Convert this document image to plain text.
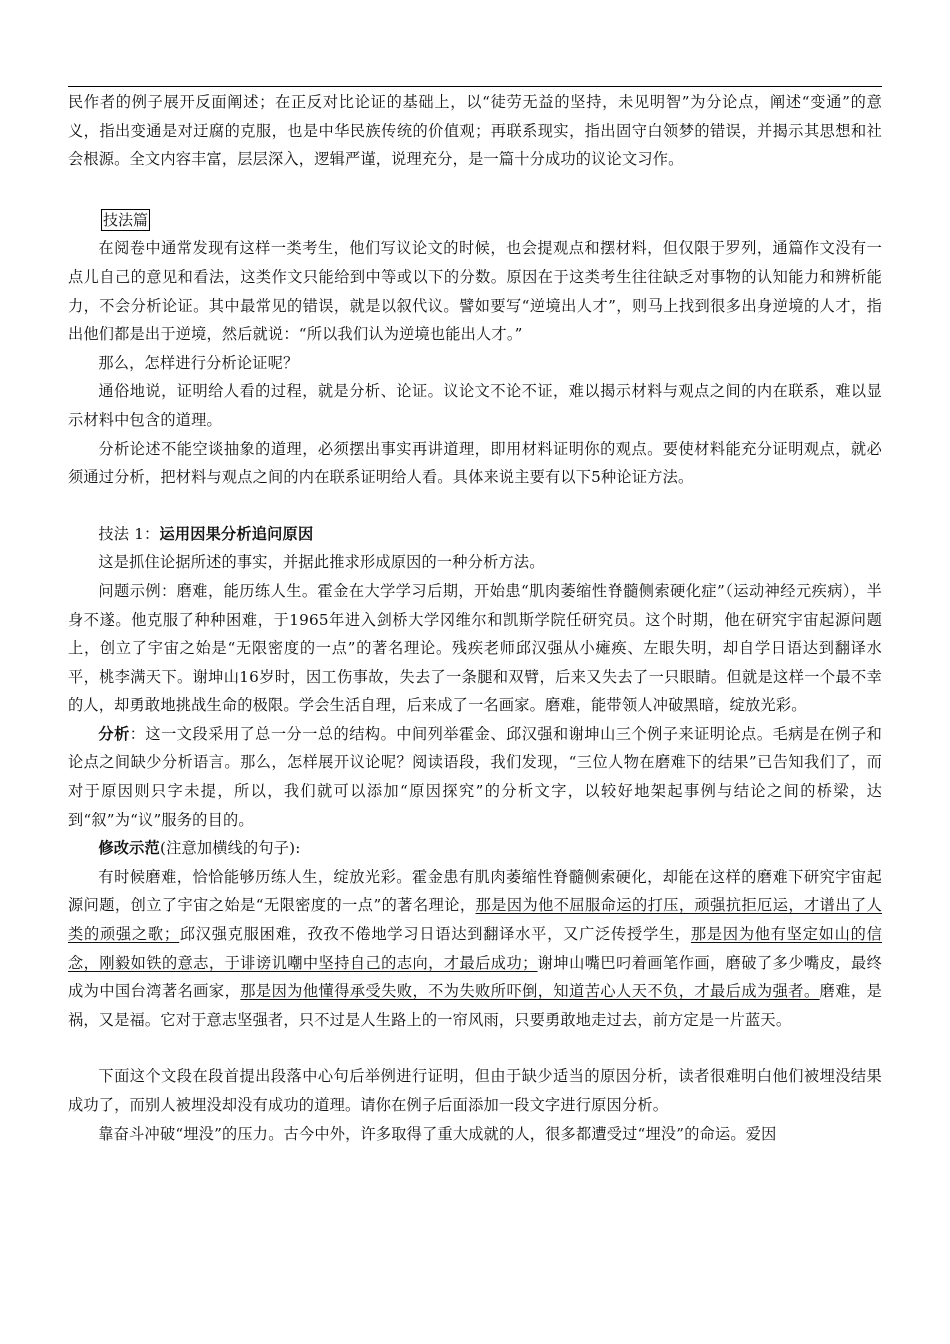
民作者的例子展开反面阐述；在正反对比论证的基础上，以“徒劳无益的坚持，未见明智”为分论点，阐述“变通”的意义，指出变通是对迂腐的克服，也是中华民族传统的价值观；再联系现实，指出固守白领梦的错误，并揭示其思想和社会根源。全文内容丰富，层层深入，逻辑严谨，说理充分，是一篇十分成功的议论文习作。

技法篇

在阅卷中通常发现有这样一类考生，他们写议论文的时候，也会提观点和摆材料，但仅限于罗列，通篇作文没有一点儿自己的意见和看法，这类作文只能给到中等或以下的分数。原因在于这类考生往往缺乏对事物的认知能力和辨析能力，不会分析论证。其中最常见的错误，就是以叙代议。譬如要写“逆境出人才”，则马上找到很多出身逆境的人才，指出他们都是出于逆境，然后就说：“所以我们认为逆境也能出人才。”

那么，怎样进行分析论证呢？

通俗地说，证明给人看的过程，就是分析、论证。议论文不论不证，难以揭示材料与观点之间的内在联系，难以显示材料中包含的道理。

分析论述不能空谈抽象的道理，必须摆出事实再讲道理，即用材料证明你的观点。要使材料能充分证明观点，就必须通过分析，把材料与观点之间的内在联系证明给人看。具体来说主要有以下5种论证方法。

技法 1：运用因果分析追问原因

这是抓住论据所述的事实，并据此推求形成原因的一种分析方法。

问题示例：磨难，能历练人生。霍金在大学学习后期，开始患“肌肉萎缩性脊髓侧索硬化症”（运动神经元疾病），半身不遂。他克服了种种困难，于1965年进入剑桥大学冈维尔和凯斯学院任研究员。这个时期，他在研究宇宙起源问题上，创立了宇宙之始是“无限密度的一点”的著名理论。残疾老师邱汉强从小瘫痪、左眼失明，却自学日语达到翻译水平，桃李满天下。谢坤山16岁时，因工伤事故，失去了一条腿和双臂，后来又失去了一只眼睛。但就是这样一个最不幸的人，却勇敢地挑战生命的极限。学会生活自理，后来成了一名画家。磨难，能带领人冲破黑暗，绽放光彩。

分析：这一文段采用了总一分一总的结构。中间列举霍金、邱汉强和谢坤山三个例子来证明论点。毛病是在例子和论点之间缺少分析语言。那么，怎样展开议论呢？阅读语段，我们发现，“三位人物在磨难下的结果”已告知我们了，而对于原因则只字未提，所以，我们就可以添加“原因探究”的分析文字，以较好地架起事例与结论之间的桥梁，达到“叙”为“议”服务的目的。

修改示范(注意加横线的句子):

有时候磨难，恰恰能够历练人生，绽放光彩。霍金患有肌肉萎缩性脊髓侧索硬化，却能在这样的磨难下研究宇宙起源问题，创立了宇宙之始是“无限密度的一点”的著名理论，那是因为他不屈服命运的打压，顽强抗拒厄运，才谱出了人类的顽强之歌；邱汉强克服困难，孜孜不倦地学习日语达到翻译水平，又广泛传授学生，那是因为他有坚定如山的信念，刚毅如铁的意志，于诽谤讥嘲中坚持自己的志向，才最后成功；谢坤山嘴巴叼着画笔作画，磨破了多少嘴皮，最终成为中国台湾著名画家，那是因为他懂得承受失败，不为失败所吓倒，知道苦心人天不负，才最后成为强者。磨难，是祸，又是福。它对于意志坚强者，只不过是人生路上的一帘风雨，只要勇敢地走过去，前方定是一片蓝天。

下面这个文段在段首提出段落中心句后举例进行证明，但由于缺少适当的原因分析，读者很难明白他们被埋没结果成功了，而别人被埋没却没有成功的道理。请你在例子后面添加一段文字进行原因分析。

靠奋斗冲破“埋没”的压力。古今中外，许多取得了重大成就的人，很多都遭受过“埋没”的命运。爱因
